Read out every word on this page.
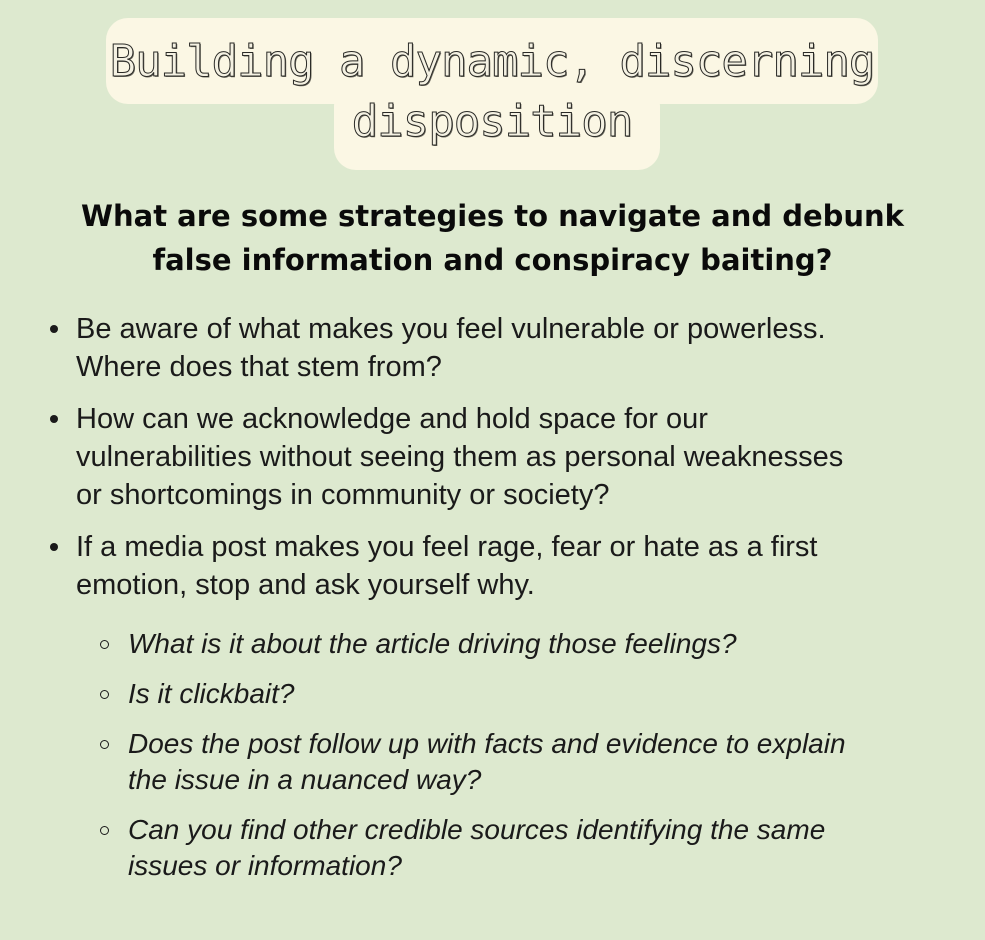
Building a dynamic, discerning
disposition
What are some strategies to navigate and debunk
false information and conspiracy baiting?
Be aware of what makes you feel vulnerable or powerless.
Where does that stem from?
How can we acknowledge and hold space for our
vulnerabilities without seeing them as personal weaknesses
or shortcomings in community or society?
If a media post makes you feel rage, fear or hate as a first
emotion, stop and ask yourself why.
What is it about the article driving those feelings?
Is it clickbait?
Does the post follow up with facts and evidence to explain
the issue in a nuanced way?
Can you find other credible sources identifying the same
issues or information?
